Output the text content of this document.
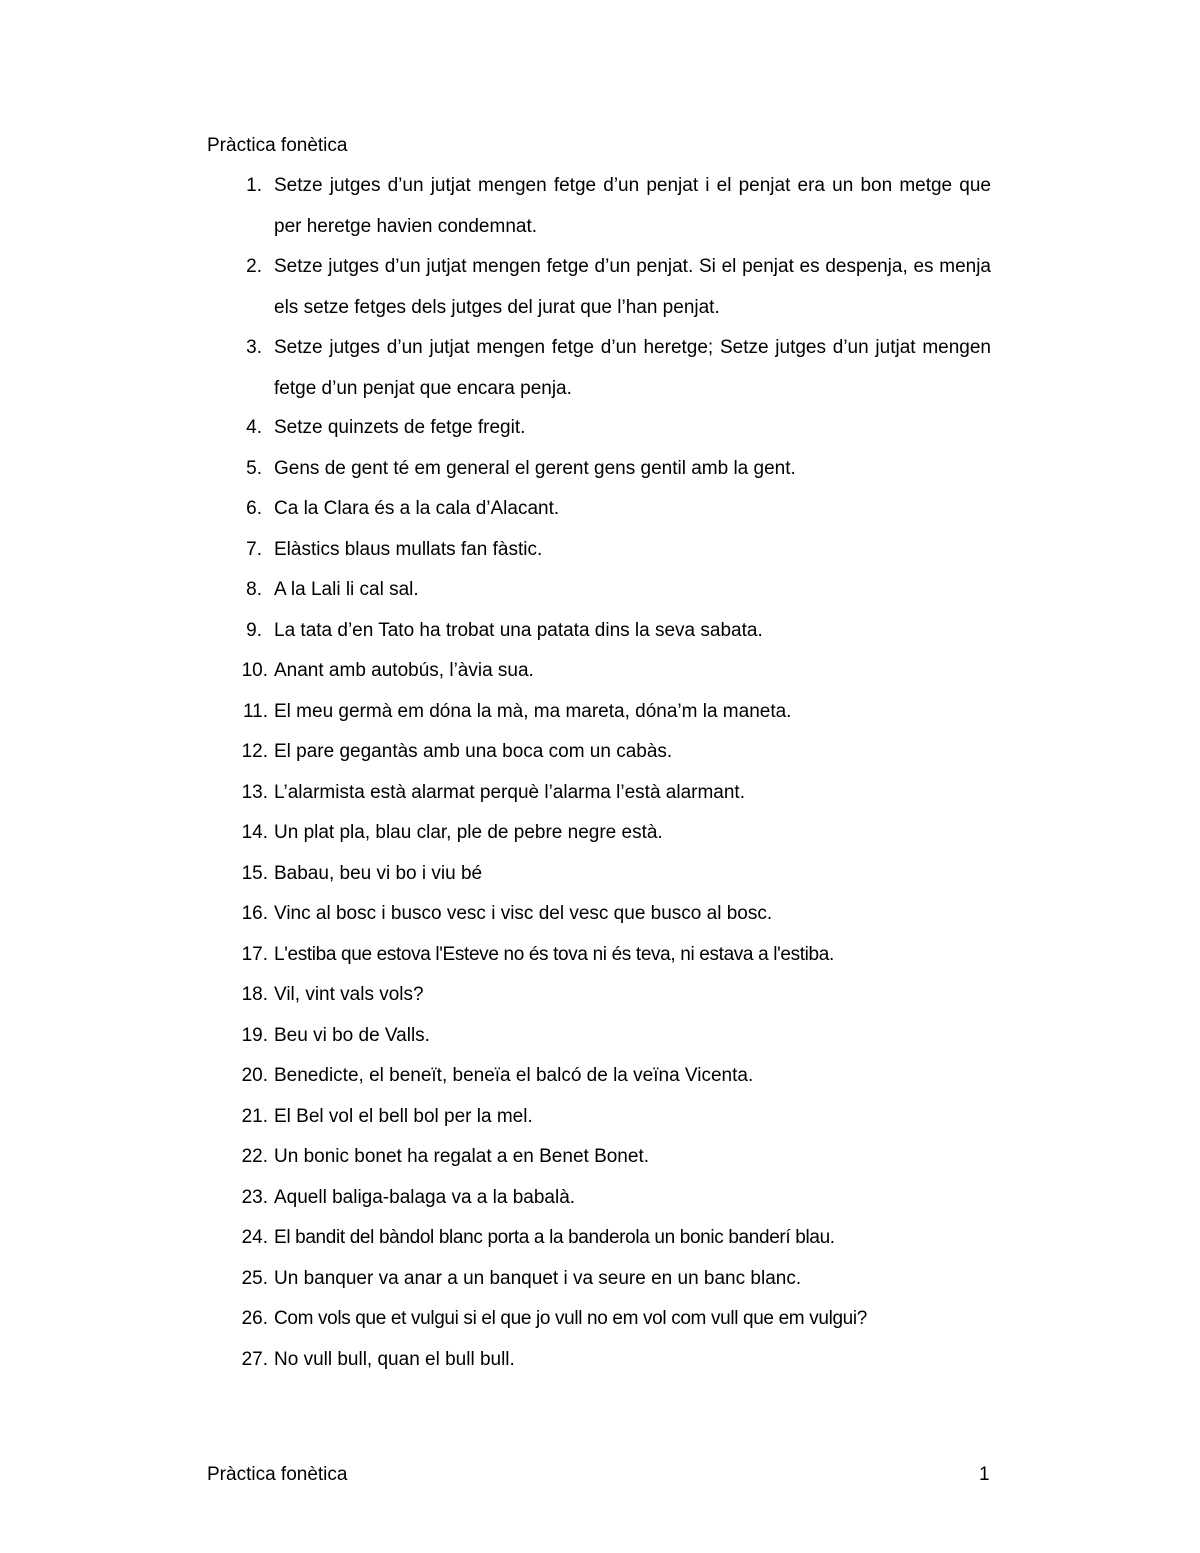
Pràctica fonètica
1. Setze jutges d’un jutjat mengen fetge d’un penjat i el penjat era un bon metge que per heretge havien condemnat.
2. Setze jutges d’un jutjat mengen fetge d’un penjat. Si el penjat es despenja, es menja els setze fetges dels jutges del jurat que l’han penjat.
3. Setze jutges d’un jutjat mengen fetge d’un heretge; Setze jutges d’un jutjat mengen fetge d’un penjat que encara penja.
4. Setze quinzets de fetge fregit.
5. Gens de gent té em general el gerent gens gentil amb la gent.
6. Ca la Clara és a la cala d’Alacant.
7. Elàstics blaus mullats fan fàstic.
8. A la Lali li cal sal.
9. La tata d’en Tato ha trobat una patata dins la seva sabata.
10. Anant amb autobús, l’àvia sua.
11. El meu germà em dóna la mà, ma mareta, dóna’m la maneta.
12. El pare gegantàs amb una boca com un cabàs.
13. L’alarmista està alarmat perquè l’alarma l’està alarmant.
14. Un plat pla, blau clar, ple de pebre negre està.
15. Babau, beu vi bo i viu bé
16. Vinc al bosc i busco vesc i visc del vesc que busco al bosc.
17. L'estiba que estova l'Esteve no és tova ni és teva, ni estava a l'estiba.
18. Vil, vint vals vols?
19. Beu vi bo de Valls.
20. Benedicte, el beneït, beneïa el balcó de la veïna Vicenta.
21. El Bel vol el bell bol per la mel.
22. Un bonic bonet ha regalat a en Benet Bonet.
23. Aquell baliga-balaga va a la babalà.
24. El bandit del bàndol blanc porta a la banderola un bonic banderí blau.
25. Un banquer va anar a un banquet i va seure en un banc blanc.
26. Com vols que et vulgui si el que jo vull no em vol com vull que em vulgui?
27. No vull bull, quan el bull bull.
Pràctica fonètica	1
